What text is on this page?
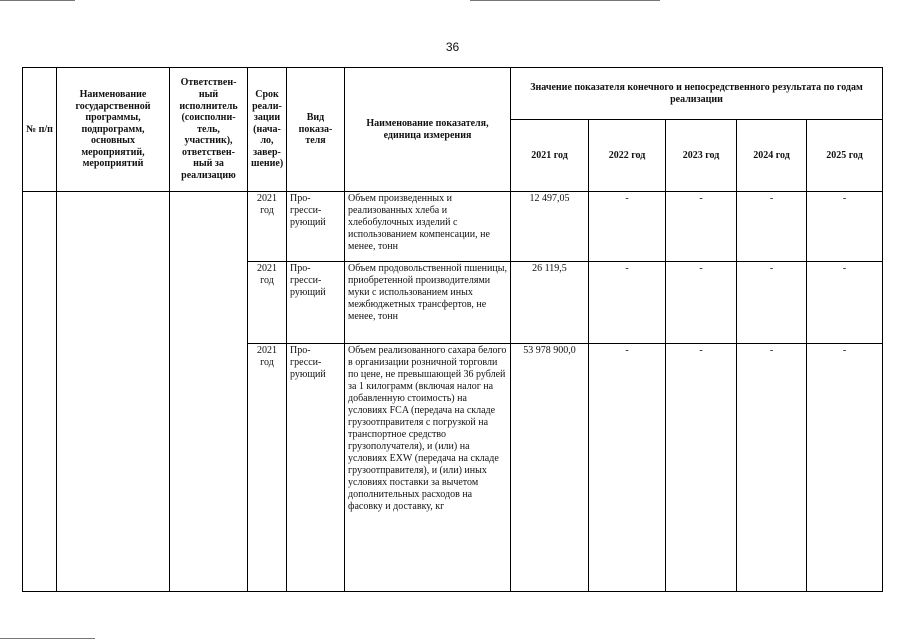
36
№ п/п	Наименование государственной программы, подпрограмм, основных мероприятий, мероприятий	Ответствен- ный исполнитель (соисполни- тель, участник), ответствен- ный за реализацию	Срок реали- зации (нача- ло, завер- шение)	Вид показа- теля	Наименование показателя, единица измерения	Значение показателя конечного и непосредственного результата по годам реализации				
						2021 год	2022 год	2023 год	2024 год	2025 год
			2021 год	Про- гресси- рующий	Объем произведенных и реализованных хлеба и хлебобулочных изделий с использованием компенсации, не менее, тонн	12 497,05	-	-	-	-
			2021 год	Про- гресси- рующий	Объем продовольственной пшеницы, приобретенной производителями муки с использованием иных межбюджетных трансфертов, не менее, тонн	26 119,5	-	-	-	-
			2021 год	Про- гресси- рующий	Объем реализованного сахара белого в организации розничной торговли по цене, не превышающей 36 рублей за 1 килограмм (включая налог на добавленную стоимость) на условиях FCA (передача на складе грузоотправителя с погрузкой на транспортное средство грузополучателя), и (или) на условиях EXW (передача на складе грузоотправителя), и (или) иных условиях поставки за вычетом дополнительных расходов на фасовку и доставку, кг	53 978 900,0	-	-	-	-
